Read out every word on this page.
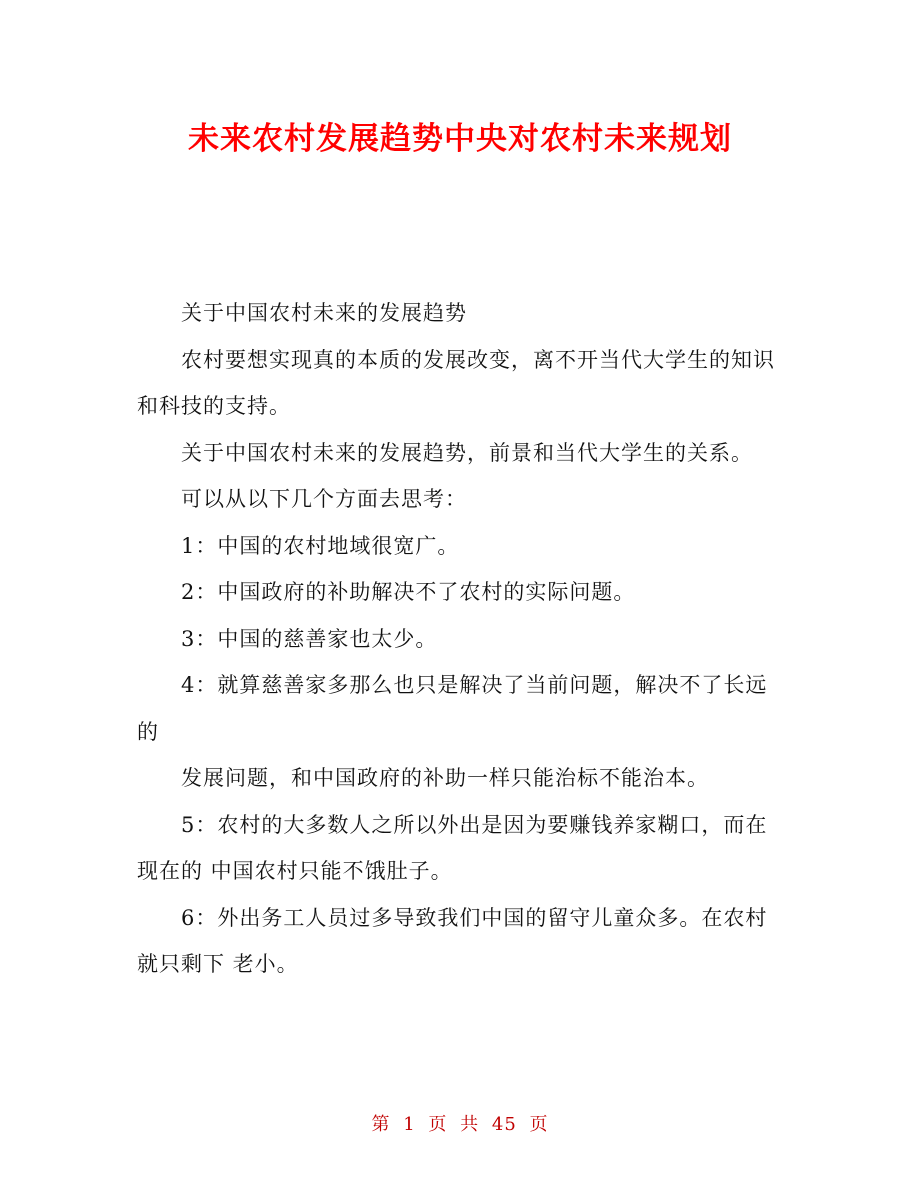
未来农村发展趋势中央对农村未来规划

关于中国农村未来的发展趋势

农村要想实现真的本质的发展改变，离不开当代大学生的知识和科技的支持。

关于中国农村未来的发展趋势，前景和当代大学生的关系。

可以从以下几个方面去思考：

1：中国的农村地域很宽广。

2：中国政府的补助解决不了农村的实际问题。

3：中国的慈善家也太少。

4：就算慈善家多那么也只是解决了当前问题，解决不了长远的

发展问题，和中国政府的补助一样只能治标不能治本。

5：农村的大多数人之所以外出是因为要赚钱养家糊口，而在现在的 中国农村只能不饿肚子。

6：外出务工人员过多导致我们中国的留守儿童众多。在农村就只剩下 老小。

第 1 页 共 45 页
